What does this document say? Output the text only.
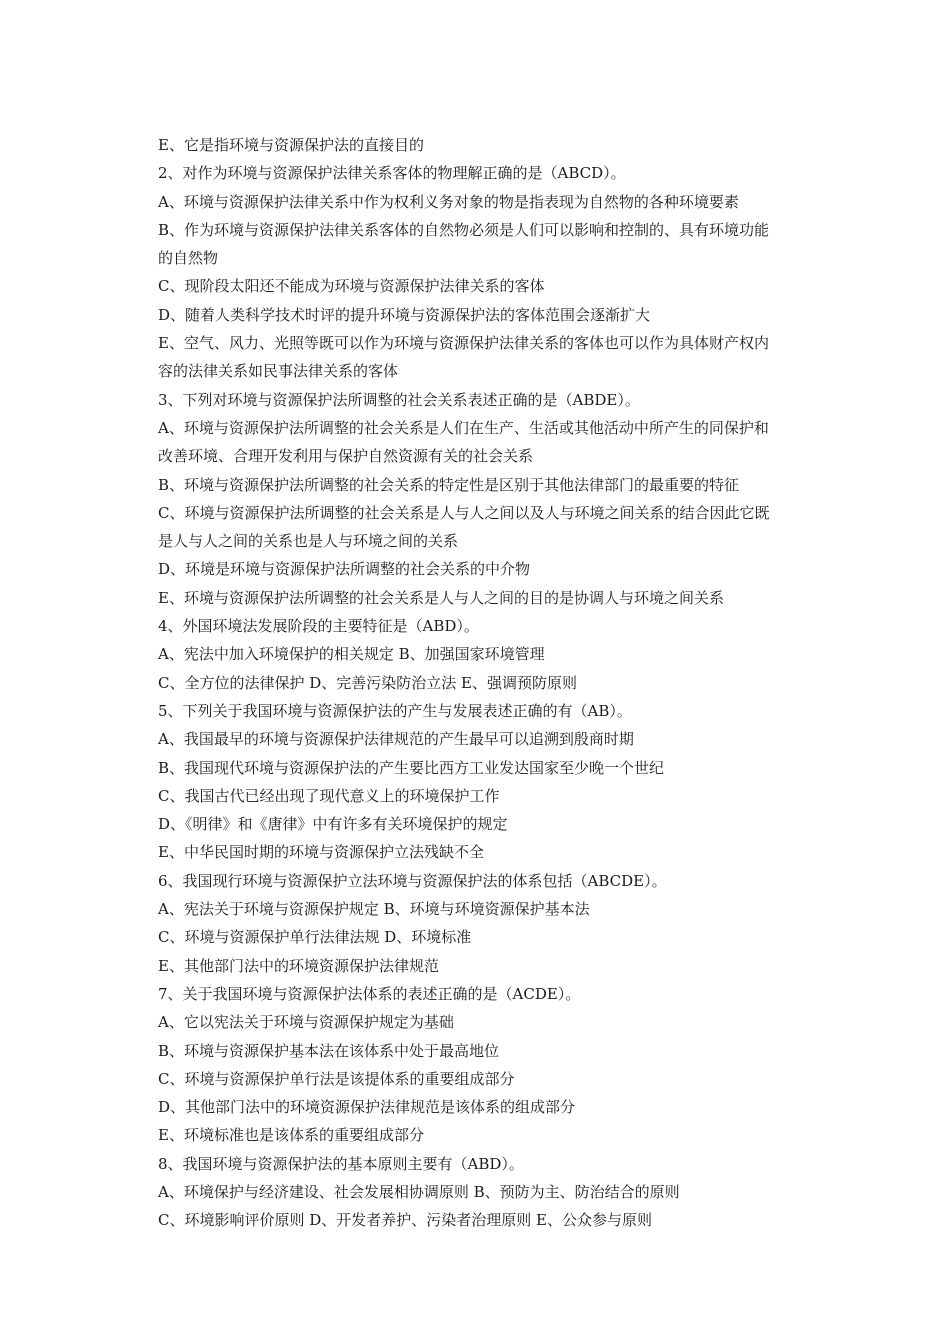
E、它是指环境与资源保护法的直接目的
2、对作为环境与资源保护法律关系客体的物理解正确的是（ABCD）。
A、环境与资源保护法律关系中作为权利义务对象的物是指表现为自然物的各种环境要素
B、作为环境与资源保护法律关系客体的自然物必须是人们可以影响和控制的、具有环境功能
的自然物
C、现阶段太阳还不能成为环境与资源保护法律关系的客体
D、随着人类科学技术时评的提升环境与资源保护法的客体范围会逐渐扩大
E、空气、风力、光照等既可以作为环境与资源保护法律关系的客体也可以作为具体财产权内
容的法律关系如民事法律关系的客体
3、下列对环境与资源保护法所调整的社会关系表述正确的是（ABDE）。
A、环境与资源保护法所调整的社会关系是人们在生产、生活或其他活动中所产生的同保护和
改善环境、合理开发利用与保护自然资源有关的社会关系
B、环境与资源保护法所调整的社会关系的特定性是区别于其他法律部门的最重要的特征
C、环境与资源保护法所调整的社会关系是人与人之间以及人与环境之间关系的结合因此它既
是人与人之间的关系也是人与环境之间的关系
D、环境是环境与资源保护法所调整的社会关系的中介物
E、环境与资源保护法所调整的社会关系是人与人之间的目的是协调人与环境之间关系
4、外国环境法发展阶段的主要特征是（ABD）。
A、宪法中加入环境保护的相关规定 B、加强国家环境管理
C、全方位的法律保护 D、完善污染防治立法 E、强调预防原则
5、下列关于我国环境与资源保护法的产生与发展表述正确的有（AB）。
A、我国最早的环境与资源保护法律规范的产生最早可以追溯到殷商时期
B、我国现代环境与资源保护法的产生要比西方工业发达国家至少晚一个世纪
C、我国古代已经出现了现代意义上的环境保护工作
D、《明律》和《唐律》中有许多有关环境保护的规定
E、中华民国时期的环境与资源保护立法残缺不全
6、我国现行环境与资源保护立法环境与资源保护法的体系包括（ABCDE）。
A、宪法关于环境与资源保护规定 B、环境与环境资源保护基本法
C、环境与资源保护单行法律法规 D、环境标准
E、其他部门法中的环境资源保护法律规范
7、关于我国环境与资源保护法体系的表述正确的是（ACDE）。
A、它以宪法关于环境与资源保护规定为基础
B、环境与资源保护基本法在该体系中处于最高地位
C、环境与资源保护单行法是该提体系的重要组成部分
D、其他部门法中的环境资源保护法律规范是该体系的组成部分
E、环境标准也是该体系的重要组成部分
8、我国环境与资源保护法的基本原则主要有（ABD）。
A、环境保护与经济建设、社会发展相协调原则 B、预防为主、防治结合的原则
C、环境影响评价原则 D、开发者养护、污染者治理原则 E、公众参与原则
